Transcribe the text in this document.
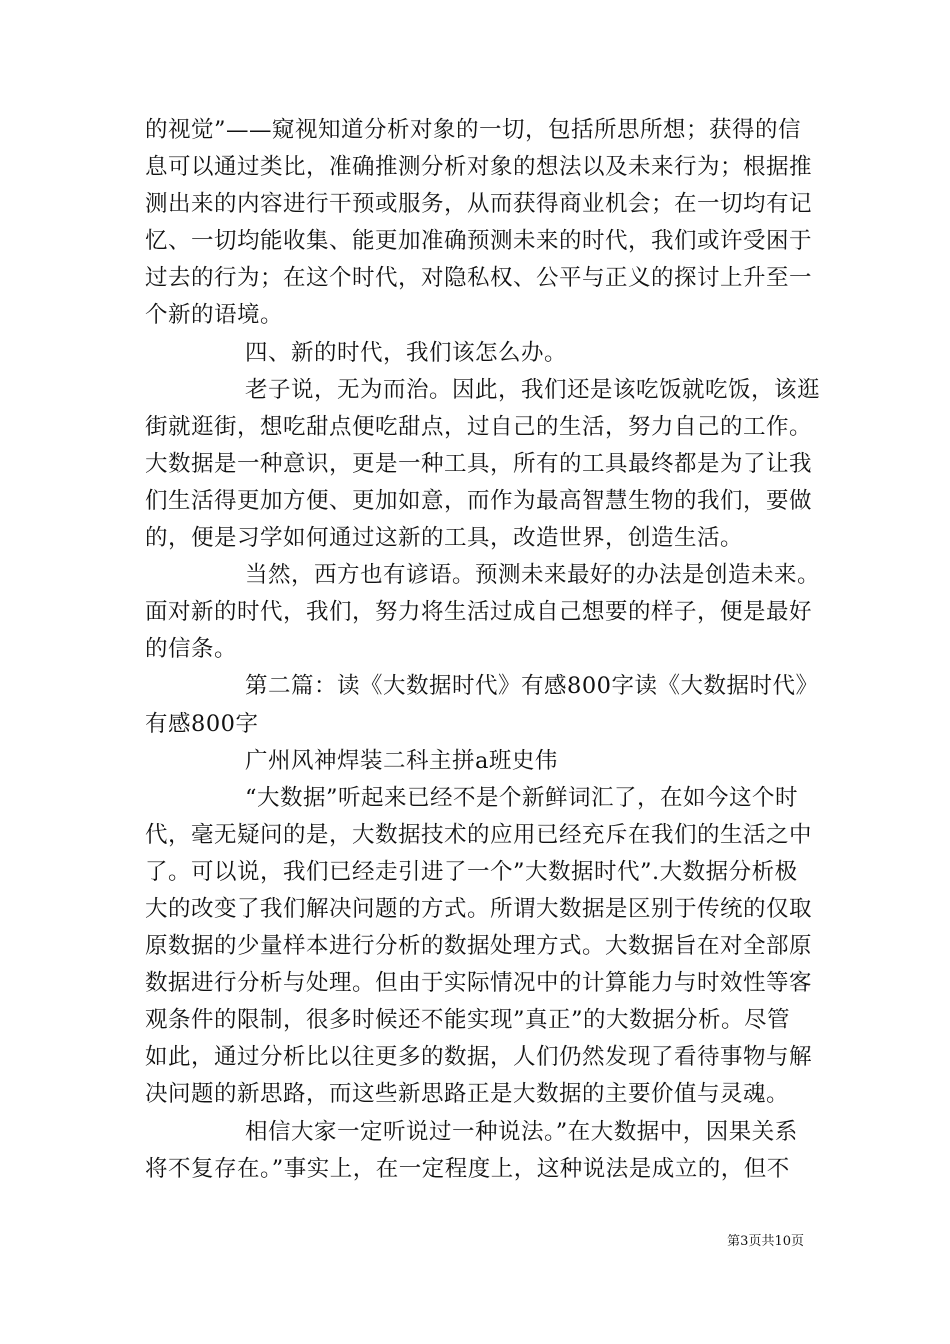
的视觉”——窥视知道分析对象的一切，包括所思所想；获得的信
息可以通过类比，准确推测分析对象的想法以及未来行为；根据推
测出来的内容进行干预或服务，从而获得商业机会；在一切均有记
忆、一切均能收集、能更加准确预测未来的时代，我们或许受困于
过去的行为；在这个时代，对隐私权、公平与正义的探讨上升至一
个新的语境。
四、新的时代，我们该怎么办。
老子说，无为而治。因此，我们还是该吃饭就吃饭，该逛
街就逛街，想吃甜点便吃甜点，过自己的生活，努力自己的工作。
大数据是一种意识，更是一种工具，所有的工具最终都是为了让我
们生活得更加方便、更加如意，而作为最高智慧生物的我们，要做
的，便是习学如何通过这新的工具，改造世界，创造生活。
当然，西方也有谚语。预测未来最好的办法是创造未来。
面对新的时代，我们，努力将生活过成自己想要的样子，便是最好
的信条。
第二篇：读《大数据时代》有感800字读《大数据时代》
有感800字
广州风神焊装二科主拼a班史伟
“大数据”听起来已经不是个新鲜词汇了，在如今这个时
代，毫无疑问的是，大数据技术的应用已经充斥在我们的生活之中
了。可以说，我们已经走引进了一个”大数据时代”.大数据分析极
大的改变了我们解决问题的方式。所谓大数据是区别于传统的仅取
原数据的少量样本进行分析的数据处理方式。大数据旨在对全部原
数据进行分析与处理。但由于实际情况中的计算能力与时效性等客
观条件的限制，很多时候还不能实现”真正”的大数据分析。尽管
如此，通过分析比以往更多的数据，人们仍然发现了看待事物与解
决问题的新思路，而这些新思路正是大数据的主要价值与灵魂。
相信大家一定听说过一种说法。”在大数据中，因果关系
将不复存在。”事实上，在一定程度上，这种说法是成立的，但不
第3页共10页
